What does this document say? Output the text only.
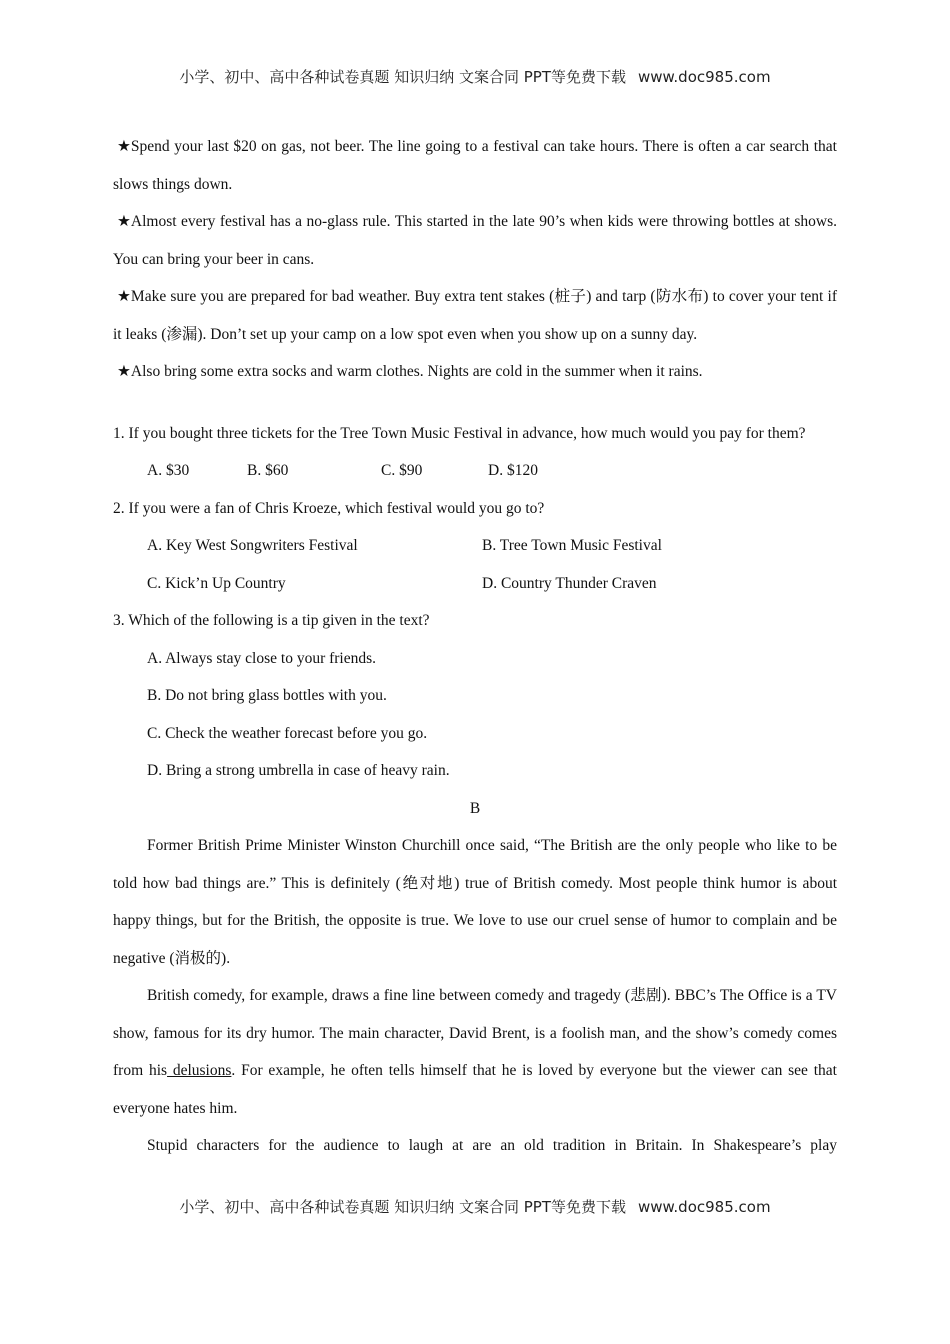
小学、初中、高中各种试卷真题 知识归纳 文案合同 PPT等免费下载 www.doc985.com

★Spend your last $20 on gas, not beer. The line going to a festival can take hours. There is often a car search that slows things down.

★Almost every festival has a no-glass rule. This started in the late 90’s when kids were throwing bottles at shows. You can bring your beer in cans.

★Make sure you are prepared for bad weather. Buy extra tent stakes (桩子) and tarp (防水布) to cover your tent if it leaks (渗漏). Don’t set up your camp on a low spot even when you show up on a sunny day.

★Also bring some extra socks and warm clothes. Nights are cold in the summer when it rains.

1. If you bought three tickets for the Tree Town Music Festival in advance, how much would you pay for them?

A. $30	B. $60	C. $90	D. $120

2. If you were a fan of Chris Kroeze, which festival would you go to?

A. Key West Songwriters Festival	B. Tree Town Music Festival
C. Kick’n Up Country	D. Country Thunder Craven

3. Which of the following is a tip given in the text?

A. Always stay close to your friends.
B. Do not bring glass bottles with you.
C. Check the weather forecast before you go.
D. Bring a strong umbrella in case of heavy rain.

B

Former British Prime Minister Winston Churchill once said, “The British are the only people who like to be told how bad things are.” This is definitely (绝对地) true of British comedy. Most people think humor is about happy things, but for the British, the opposite is true. We love to use our cruel sense of humor to complain and be negative (消极的).

British comedy, for example, draws a fine line between comedy and tragedy (悲剧). BBC’s The Office is a TV show, famous for its dry humor. The main character, David Brent, is a foolish man, and the show’s comedy comes from his delusions. For example, he often tells himself that he is loved by everyone but the viewer can see that everyone hates him.

Stupid characters for the audience to laugh at are an old tradition in Britain. In Shakespeare’s play

小学、初中、高中各种试卷真题 知识归纳 文案合同 PPT等免费下载 www.doc985.com
